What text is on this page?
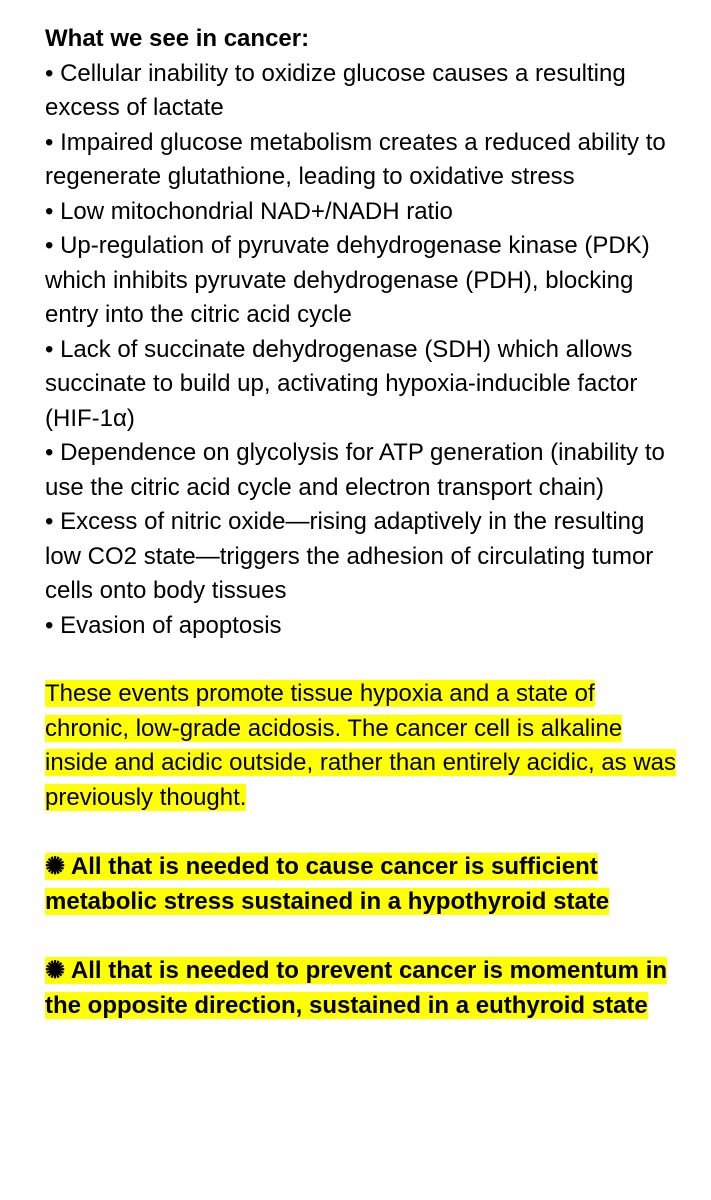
What we see in cancer:
• Cellular inability to oxidize glucose causes a resulting excess of lactate
• Impaired glucose metabolism creates a reduced ability to regenerate glutathione, leading to oxidative stress
• Low mitochondrial NAD+/NADH ratio
• Up-regulation of pyruvate dehydrogenase kinase (PDK) which inhibits pyruvate dehydrogenase (PDH), blocking entry into the citric acid cycle
• Lack of succinate dehydrogenase (SDH) which allows succinate to build up, activating hypoxia-inducible factor (HIF-1α)
• Dependence on glycolysis for ATP generation (inability to use the citric acid cycle and electron transport chain)
• Excess of nitric oxide—rising adaptively in the resulting low CO2 state—triggers the adhesion of circulating tumor cells onto body tissues
• Evasion of apoptosis

These events promote tissue hypoxia and a state of chronic, low-grade acidosis. The cancer cell is alkaline inside and acidic outside, rather than entirely acidic, as was previously thought.

✺ All that is needed to cause cancer is sufficient metabolic stress sustained in a hypothyroid state

✺ All that is needed to prevent cancer is momentum in the opposite direction, sustained in a euthyroid state
